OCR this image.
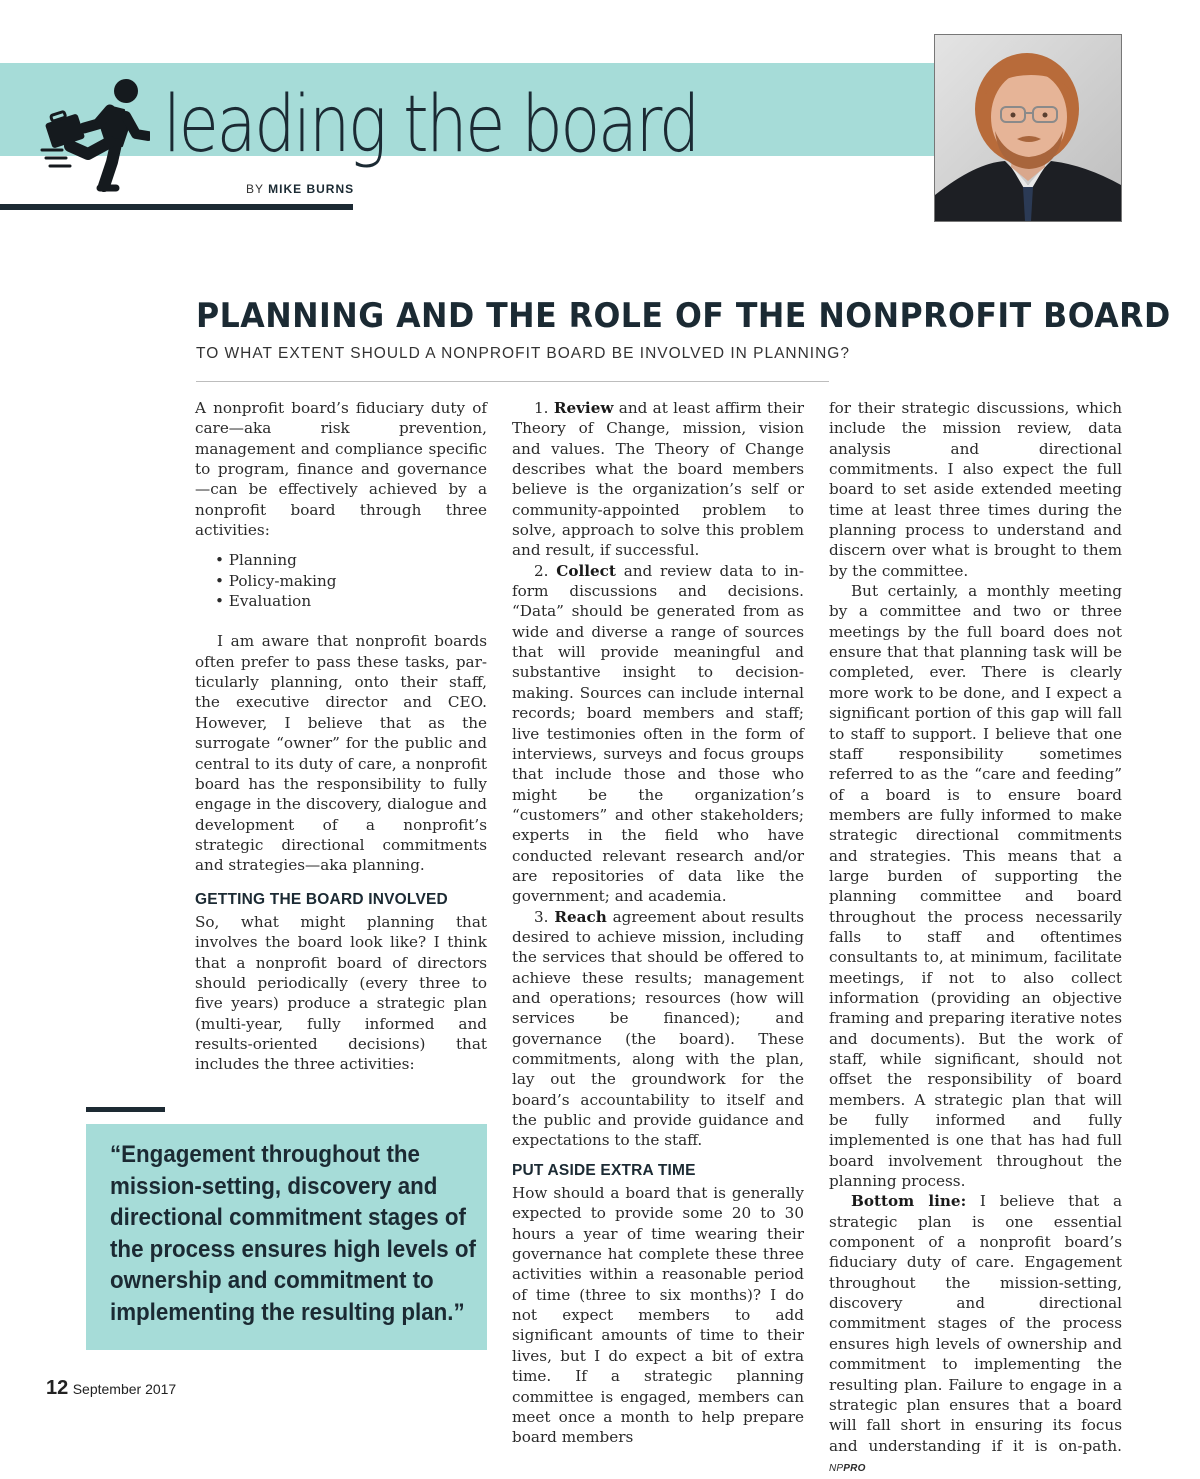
leading the board
BY MIKE BURNS
PLANNING AND THE ROLE OF THE NONPROFIT BOARD
TO WHAT EXTENT SHOULD A NONPROFIT BOARD BE INVOLVED IN PLANNING?

A nonprofit board’s fiduciary duty of care—aka risk prevention, management and compliance specific to program, finance and governance—can be effectively achieved by a nonprofit board through three activities:

• Planning
• Policy-making
• Evaluation

I am aware that nonprofit boards often prefer to pass these tasks, particularly planning, onto their staff, the executive director and CEO. However, I believe that as the surrogate “owner” for the public and central to its duty of care, a nonprofit board has the responsibility to fully engage in the discovery, dialogue and development of a nonprofit’s strategic directional commitments and strategies—aka planning.

GETTING THE BOARD INVOLVED

So, what might planning that involves the board look like? I think that a nonprofit board of directors should periodically (every three to five years) produce a strategic plan (multi-year, fully informed and results-oriented decisions) that includes the three activities:

1. Review and at least affirm their Theory of Change, mission, vision and values. The Theory of Change describes what the board members believe is the organization’s self or community-appointed problem to solve, approach to solve this problem and result, if successful.

2. Collect and review data to inform discussions and decisions. “Data” should be generated from as wide and diverse a range of sources that will provide meaningful and substantive insight to decision-making. Sources can include internal records; board members and staff; live testimonies often in the form of interviews, surveys and focus groups that include those and those who might be the organization’s “customers” and other stakeholders; experts in the field who have conducted relevant research and/or are repositories of data like the government; and academia.

3. Reach agreement about results desired to achieve mission, including the services that should be offered to achieve these results; management and operations; resources (how will services be financed); and governance (the board). These commitments, along with the plan, lay out the groundwork for the board’s accountability to itself and the public and provide guidance and expectations to the staff.

PUT ASIDE EXTRA TIME

How should a board that is generally expected to provide some 20 to 30 hours a year of time wearing their governance hat complete these three activities within a reasonable period of time (three to six months)? I do not expect members to add significant amounts of time to their lives, but I do expect a bit of extra time. If a strategic planning committee is engaged, members can meet once a month to help prepare board members

for their strategic discussions, which include the mission review, data analysis and directional commitments. I also expect the full board to set aside extended meeting time at least three times during the planning process to understand and discern over what is brought to them by the committee.

But certainly, a monthly meeting by a committee and two or three meetings by the full board does not ensure that that planning task will be completed, ever. There is clearly more work to be done, and I expect a significant portion of this gap will fall to staff to support. I believe that one staff responsibility sometimes referred to as the “care and feeding” of a board is to ensure board members are fully informed to make strategic directional commitments and strategies. This means that a large burden of supporting the planning committee and board throughout the process necessarily falls to staff and oftentimes consultants to, at minimum, facilitate meetings, if not to also collect information (providing an objective framing and preparing iterative notes and documents). But the work of staff, while significant, should not offset the responsibility of board members. A strategic plan that will be fully informed and fully implemented is one that has had full board involvement throughout the planning process.

Bottom line: I believe that a strategic plan is one essential component of a nonprofit board’s fiduciary duty of care. Engagement throughout the mission-setting, discovery and directional commitment stages of the process ensures high levels of ownership and commitment to implementing the resulting plan. Failure to engage in a strategic plan ensures that a board will fall short in ensuring its focus and understanding if it is on-path. NPPRO

“Engagement throughout the mission-setting, discovery and directional commitment stages of the process ensures high levels of ownership and commitment to implementing the resulting plan.”
12 September 2017
